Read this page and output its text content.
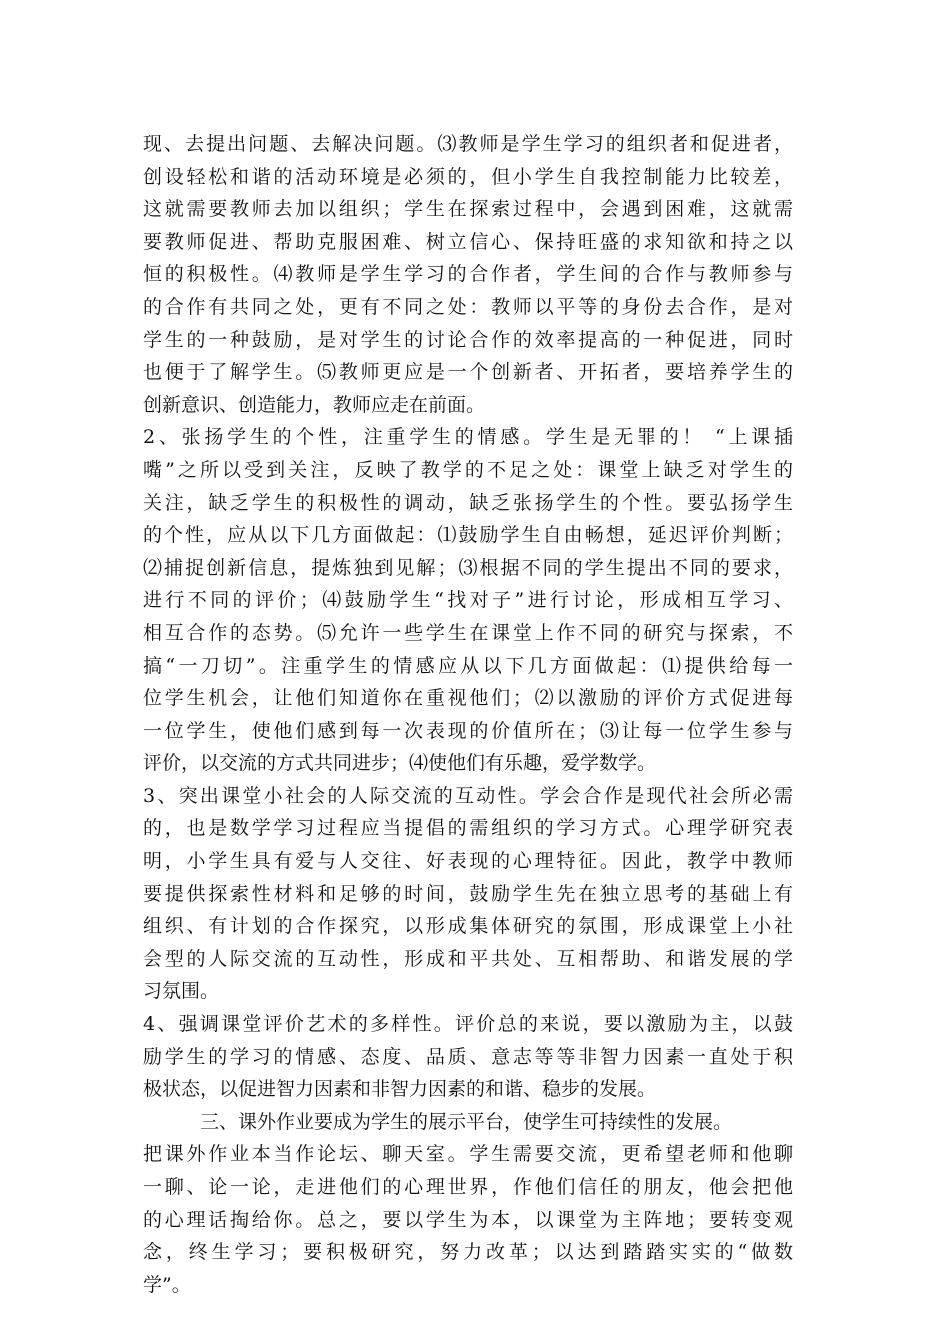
现、去提出问题、去解决问题。⑶教师是学生学习的组织者和促进者，
创设轻松和谐的活动环境是必须的，但小学生自我控制能力比较差，
这就需要教师去加以组织；学生在探索过程中，会遇到困难，这就需
要教师促进、帮助克服困难、树立信心、保持旺盛的求知欲和持之以
恒的积极性。⑷教师是学生学习的合作者，学生间的合作与教师参与
的合作有共同之处，更有不同之处：教师以平等的身份去合作，是对
学生的一种鼓励，是对学生的讨论合作的效率提高的一种促进，同时
也便于了解学生。⑸教师更应是一个创新者、开拓者，要培养学生的
创新意识、创造能力，教师应走在前面。
2、张扬学生的个性，注重学生的情感。学生是无罪的！ “上课插
嘴”之所以受到关注，反映了教学的不足之处：课堂上缺乏对学生的
关注，缺乏学生的积极性的调动，缺乏张扬学生的个性。要弘扬学生
的个性，应从以下几方面做起：⑴鼓励学生自由畅想，延迟评价判断；
⑵捕捉创新信息，提炼独到见解；⑶根据不同的学生提出不同的要求，
进行不同的评价；⑷鼓励学生“找对子”进行讨论，形成相互学习、
相互合作的态势。⑸允许一些学生在课堂上作不同的研究与探索，不
搞“一刀切”。注重学生的情感应从以下几方面做起：⑴提供给每一
位学生机会，让他们知道你在重视他们；⑵以激励的评价方式促进每
一位学生，使他们感到每一次表现的价值所在；⑶让每一位学生参与
评价，以交流的方式共同进步；⑷使他们有乐趣，爱学数学。
3、突出课堂小社会的人际交流的互动性。学会合作是现代社会所必需
的，也是数学学习过程应当提倡的需组织的学习方式。心理学研究表
明，小学生具有爱与人交往、好表现的心理特征。因此，教学中教师
要提供探索性材料和足够的时间，鼓励学生先在独立思考的基础上有
组织、有计划的合作探究，以形成集体研究的氛围，形成课堂上小社
会型的人际交流的互动性，形成和平共处、互相帮助、和谐发展的学
习氛围。
4、强调课堂评价艺术的多样性。评价总的来说，要以激励为主，以鼓
励学生的学习的情感、态度、品质、意志等等非智力因素一直处于积
极状态，以促进智力因素和非智力因素的和谐、稳步的发展。
三、课外作业要成为学生的展示平台，使学生可持续性的发展。
把课外作业本当作论坛、聊天室。学生需要交流，更希望老师和他聊
一聊、论一论，走进他们的心理世界，作他们信任的朋友，他会把他
的心理话掏给你。总之，要以学生为本，以课堂为主阵地；要转变观
念，终生学习；要积极研究，努力改革；以达到踏踏实实的“做数
学”。
